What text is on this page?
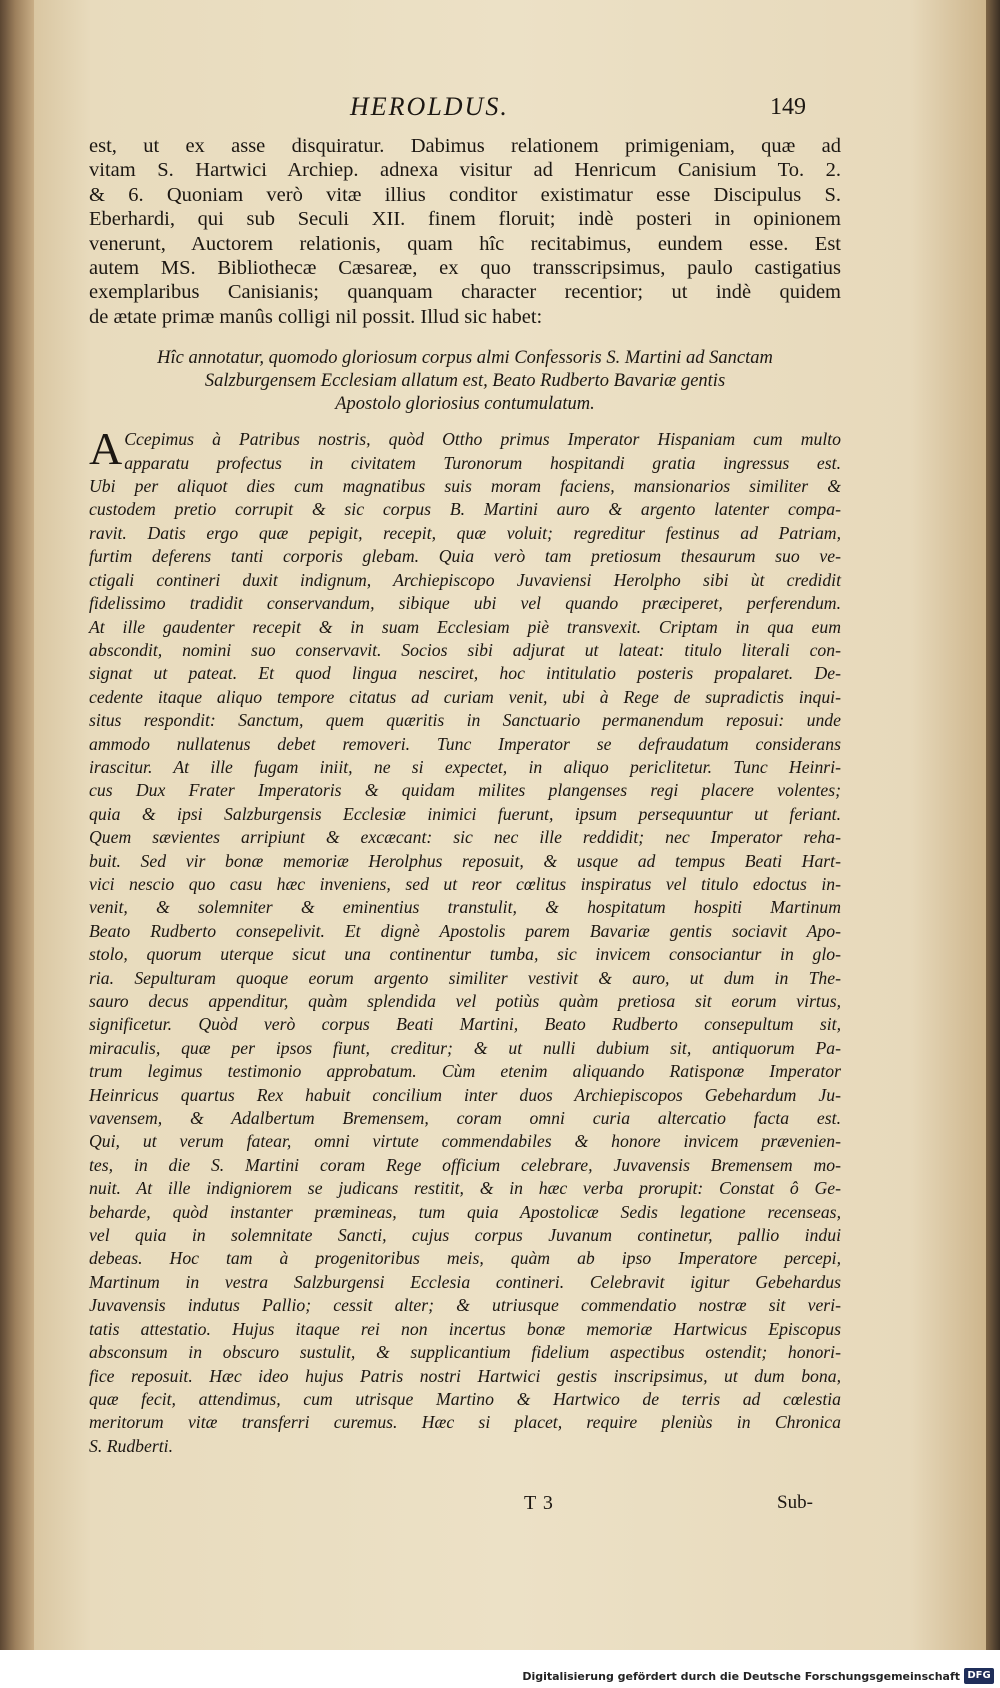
HEROLDUS.	149
est, ut ex asse disquiratur. Dabimus relationem primigeniam, quæ ad
vitam S. Hartwici Archiep. adnexa visitur ad Henricum Canisium To. 2.
& 6. Quoniam verò vitæ illius conditor existimatur esse Discipulus S.
Eberhardi, qui sub Seculi XII. finem floruit; indè posteri in opinionem
venerunt, Auctorem relationis, quam hîc recitabimus, eundem esse. Est
autem MS. Bibliothecæ Cæsareæ, ex quo transscripsimus, paulo castigatius
exemplaribus Canisianis; quanquam character recentior; ut indè quidem
de ætate primæ manûs colligi nil possit. Illud sic habet:
Hîc annotatur, quomodo gloriosum corpus almi Confessoris S. Martini ad Sanctam
Salzburgensem Ecclesiam allatum est, Beato Rudberto Bavariæ gentis
Apostolo gloriosius contumulatum.
A Ccepimus à Patribus nostris, quòd Ottho primus Imperator Hispaniam cum multo
apparatu profectus in civitatem Turonorum hospitandi gratia ingressus est.
Ubi per aliquot dies cum magnatibus suis moram faciens, mansionarios similiter &
custodem pretio corrupit & sic corpus B. Martini auro & argento latenter compa-
ravit. Datis ergo quæ pepigit, recepit, quæ voluit; regreditur festinus ad Patriam,
furtim deferens tanti corporis glebam. Quia verò tam pretiosum thesaurum suo ve-
ctigali contineri duxit indignum, Archiepiscopo Juvaviensi Herolpho sibi ùt credidit
fidelissimo tradidit conservandum, sibique ubi vel quando præciperet, perferendum.
At ille gaudenter recepit & in suam Ecclesiam piè transvexit. Criptam in qua eum
abscondit, nomini suo conservavit. Socios sibi adjurat ut lateat: titulo literali con-
signat ut pateat. Et quod lingua nesciret, hoc intitulatio posteris propalaret. De-
cedente itaque aliquo tempore citatus ad curiam venit, ubi à Rege de supradictis inqui-
situs respondit: Sanctum, quem quæritis in Sanctuario permanendum reposui: unde
ammodo nullatenus debet removeri. Tunc Imperator se defraudatum considerans
irascitur. At ille fugam iniit, ne si expectet, in aliquo periclitetur. Tunc Heinri-
cus Dux Frater Imperatoris & quidam milites plangenses regi placere volentes;
quia & ipsi Salzburgensis Ecclesiæ inimici fuerunt, ipsum persequuntur ut feriant.
Quem sævientes arripiunt & excæcant: sic nec ille reddidit; nec Imperator reha-
buit. Sed vir bonæ memoriæ Herolphus reposuit, & usque ad tempus Beati Hart-
vici nescio quo casu hæc inveniens, sed ut reor cœlitus inspiratus vel titulo edoctus in-
venit, & solemniter & eminentius transtulit, & hospitatum hospiti Martinum
Beato Rudberto consepelivit. Et dignè Apostolis parem Bavariæ gentis sociavit Apo-
stolo, quorum uterque sicut una continentur tumba, sic invicem consociantur in glo-
ria. Sepulturam quoque eorum argento similiter vestivit & auro, ut dum in The-
sauro decus appenditur, quàm splendida vel potiùs quàm pretiosa sit eorum virtus,
significetur. Quòd verò corpus Beati Martini, Beato Rudberto consepultum sit,
miraculis, quæ per ipsos fiunt, creditur; & ut nulli dubium sit, antiquorum Pa-
trum legimus testimonio approbatum. Cùm etenim aliquando Ratisponæ Imperator
Heinricus quartus Rex habuit concilium inter duos Archiepiscopos Gebehardum Ju-
vavensem, & Adalbertum Bremensem, coram omni curia altercatio facta est.
Qui, ut verum fatear, omni virtute commendabiles & honore invicem prævenien-
tes, in die S. Martini coram Rege officium celebrare, Juvavensis Bremensem mo-
nuit. At ille indigniorem se judicans restitit, & in hæc verba prorupit: Constat ô Ge-
beharde, quòd instanter præmineas, tum quia Apostolicæ Sedis legatione recenseas,
vel quia in solemnitate Sancti, cujus corpus Juvanum continetur, pallio indui
debeas. Hoc tam à progenitoribus meis, quàm ab ipso Imperatore percepi,
Martinum in vestra Salzburgensi Ecclesia contineri. Celebravit igitur Gebehardus
Juvavensis indutus Pallio; cessit alter; & utriusque commendatio nostræ sit veri-
tatis attestatio. Hujus itaque rei non incertus bonæ memoriæ Hartwicus Episcopus
absconsum in obscuro sustulit, & supplicantium fidelium aspectibus ostendit; honori-
fice reposuit. Hæc ideo hujus Patris nostri Hartwici gestis inscripsimus, ut dum bona,
quæ fecit, attendimus, cum utrisque Martino & Hartwico de terris ad cœlestia
meritorum vitæ transferri curemus. Hæc si placet, require pleniùs in Chronica
S. Rudberti.
T 3	Sub-
Digitalisierung gefördert durch die Deutsche Forschungsgemeinschaft DFG
